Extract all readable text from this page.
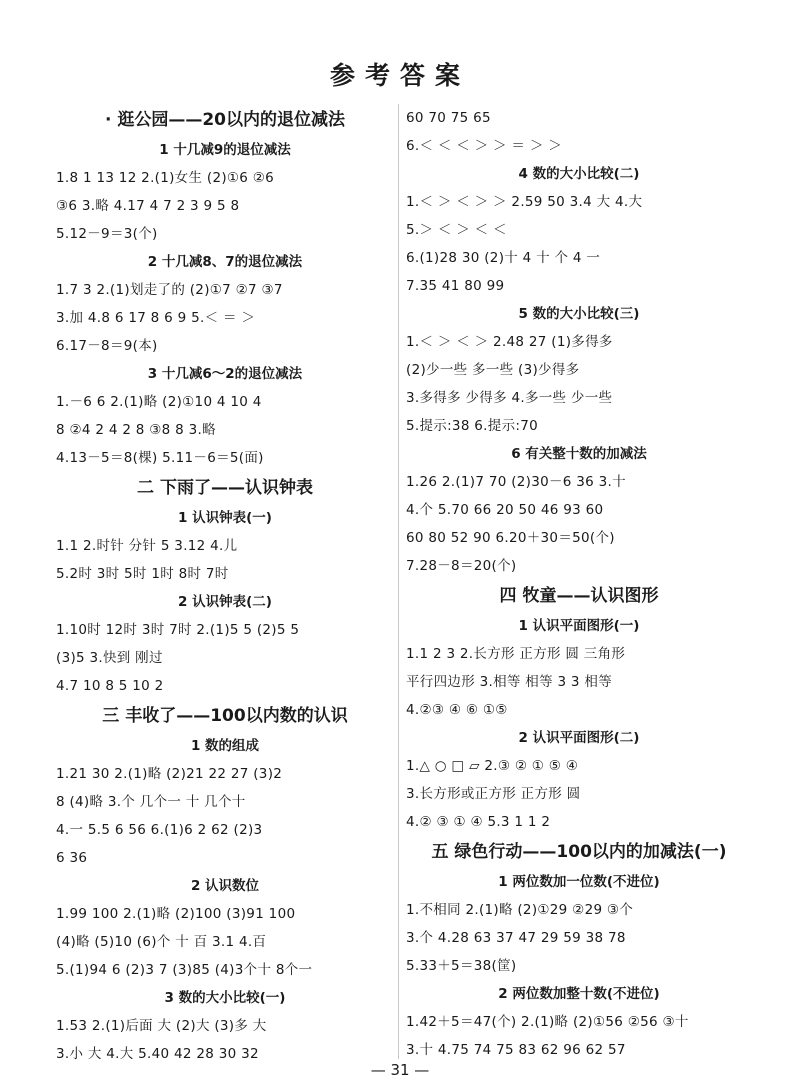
参考答案
· 逛公园——20以内的退位减法
1 十几减9的退位减法
1.8 1 13 12 2.(1)女生 (2)①6 ②6
③6 3.略 4.17 4 7 2 3 9 5 8
5.12－9＝3(个)
2 十几减8、7的退位减法
1.7 3 2.(1)划走了的 (2)①7 ②7 ③7
3.加 4.8 6 17 8 6 9 5.＜ ＝ ＞
6.17－8＝9(本)
3 十几减6～2的退位减法
1.－6 6 2.(1)略 (2)①10 4 10 4
8 ②4 2 4 2 8 ③8 8 3.略
4.13－5＝8(棵) 5.11－6＝5(面)
二 下雨了——认识钟表
1 认识钟表(一)
1.1 2.时针 分针 5 3.12 4.儿
5.2时 3时 5时 1时 8时 7时
2 认识钟表(二)
1.10时 12时 3时 7时 2.(1)5 5 (2)5 5
(3)5 3.快到 刚过
4.7 10 8 5 10 2
三 丰收了——100以内数的认识
1 数的组成
1.21 30 2.(1)略 (2)21 22 27 (3)2
8 (4)略 3.个 几个一 十 几个十
4.一 5.5 6 56 6.(1)6 2 62 (2)3
6 36
2 认识数位
1.99 100 2.(1)略 (2)100 (3)91 100
(4)略 (5)10 (6)个 十 百 3.1 4.百
5.(1)94 6 (2)3 7 (3)85 (4)3个十 8个一
3 数的大小比较(一)
1.53 2.(1)后面 大 (2)大 (3)多 大
3.小 大 4.大 5.40 42 28 30 32
60 70 75 65
6.＜ ＜ ＜ ＞ ＞ ＝ ＞ ＞
4 数的大小比较(二)
1.＜ ＞ ＜ ＞ ＞ 2.59 50 3.4 大 4.大
5.＞ ＜ ＞ ＜ ＜
6.(1)28 30 (2)十 4 十 个 4 一
7.35 41 80 99
5 数的大小比较(三)
1.＜ ＞ ＜ ＞ 2.48 27 (1)多得多
(2)少一些 多一些 (3)少得多
3.多得多 少得多 4.多一些 少一些
5.提示:38 6.提示:70
6 有关整十数的加减法
1.26 2.(1)7 70 (2)30－6 36 3.十
4.个 5.70 66 20 50 46 93 60
60 80 52 90 6.20＋30＝50(个)
7.28－8＝20(个)
四 牧童——认识图形
1 认识平面图形(一)
1.1 2 3 2.长方形 正方形 圆 三角形
平行四边形 3.相等 相等 3 3 相等
4.②③ ④ ⑥ ①⑤
2 认识平面图形(二)
1.△ ○ □ ▱ 2.③ ② ① ⑤ ④
3.长方形或正方形 正方形 圆
4.② ③ ① ④ 5.3 1 1 2
五 绿色行动——100以内的加减法(一)
1 两位数加一位数(不进位)
1.不相同 2.(1)略 (2)①29 ②29 ③个
3.个 4.28 63 37 47 29 59 38 78
5.33＋5＝38(筐)
2 两位数加整十数(不进位)
1.42＋5＝47(个) 2.(1)略 (2)①56 ②56 ③十
3.十 4.75 74 75 83 62 96 62 57
— 31 —
